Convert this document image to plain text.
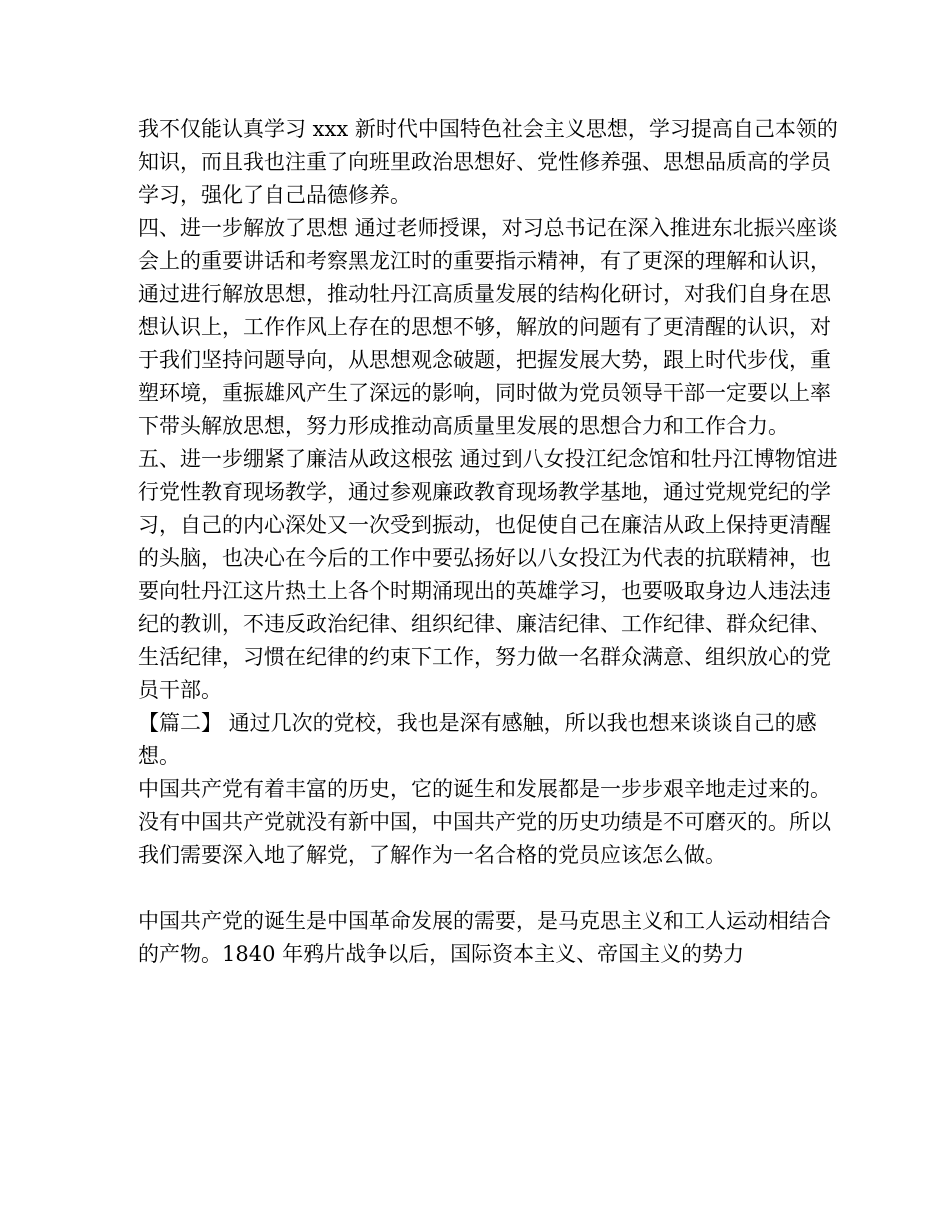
我不仅能认真学习 xxx 新时代中国特色社会主义思想，学习提高自己本领的知识，而且我也注重了向班里政治思想好、党性修养强、思想品质高的学员学习，强化了自己品德修养。

四、进一步解放了思想 通过老师授课，对习总书记在深入推进东北振兴座谈会上的重要讲话和考察黑龙江时的重要指示精神，有了更深的理解和认识，通过进行解放思想，推动牡丹江高质量发展的结构化研讨，对我们自身在思想认识上，工作作风上存在的思想不够，解放的问题有了更清醒的认识，对于我们坚持问题导向，从思想观念破题，把握发展大势，跟上时代步伐，重塑环境，重振雄风产生了深远的影响，同时做为党员领导干部一定要以上率下带头解放思想，努力形成推动高质量里发展的思想合力和工作合力。

五、进一步绷紧了廉洁从政这根弦 通过到八女投江纪念馆和牡丹江博物馆进行党性教育现场教学，通过参观廉政教育现场教学基地，通过党规党纪的学习，自己的内心深处又一次受到振动，也促使自己在廉洁从政上保持更清醒的头脑，也决心在今后的工作中要弘扬好以八女投江为代表的抗联精神，也要向牡丹江这片热土上各个时期涌现出的英雄学习，也要吸取身边人违法违纪的教训，不违反政治纪律、组织纪律、廉洁纪律、工作纪律、群众纪律、生活纪律，习惯在纪律的约束下工作，努力做一名群众满意、组织放心的党员干部。

【篇二】 通过几次的党校，我也是深有感触，所以我也想来谈谈自己的感想。

中国共产党有着丰富的历史，它的诞生和发展都是一步步艰辛地走过来的。没有中国共产党就没有新中国，中国共产党的历史功绩是不可磨灭的。所以我们需要深入地了解党，了解作为一名合格的党员应该怎么做。

中国共产党的诞生是中国革命发展的需要，是马克思主义和工人运动相结合的产物。1840 年鸦片战争以后，国际资本主义、帝国主义的势力
